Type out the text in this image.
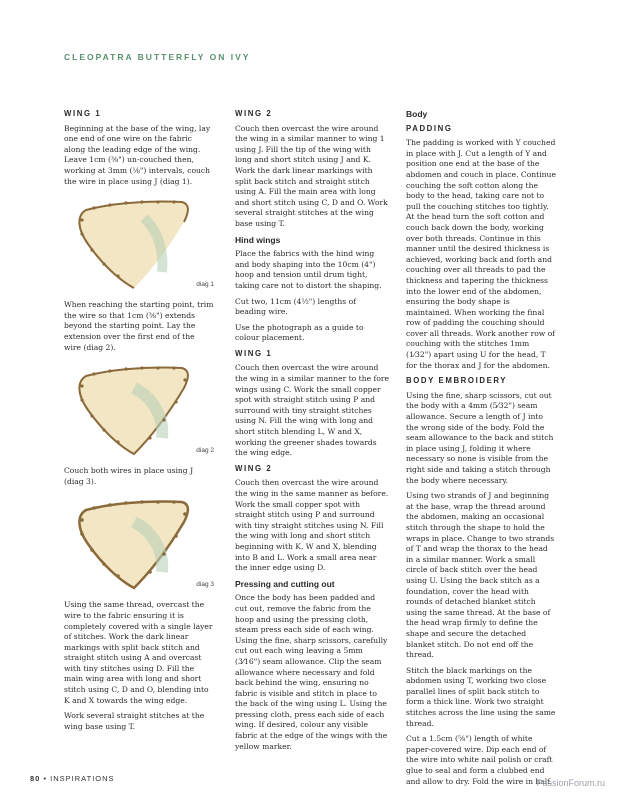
CLEOPATRA BUTTERFLY ON IVY
WING 1

Beginning at the base of the wing, lay one end of one wire on the fabric along the leading edge of the wing. Leave 1cm (⅜") un-couched then, working at 3mm (⅛") intervals, couch the wire in place using J (diag 1).

diag 1

When reaching the starting point, trim the wire so that 1cm (⅜") extends beyond the starting point. Lay the extension over the first end of the wire (diag 2).

diag 2

Couch both wires in place using J (diag 3).

diag 3

Using the same thread, overcast the wire to the fabric ensuring it is completely covered with a single layer of stitches. Work the dark linear markings with split back stitch and straight stitch using A and overcast with tiny stitches using D. Fill the main wing area with long and short stitch using C, D and O, blending into K and X towards the wing edge.

Work several straight stitches at the wing base using T.

WING 2

Couch then overcast the wire around the wing in a similar manner to wing 1 using J. Fill the tip of the wing with long and short stitch using J and K. Work the dark linear markings with split back stitch and straight stitch using A. Fill the main area with long and short stitch using C, D and O. Work several straight stitches at the wing base using T.

Hind wings

Place the fabrics with the hind wing and body shaping into the 10cm (4") hoop and tension until drum tight, taking care not to distort the shaping.

Cut two, 11cm (4½") lengths of beading wire.

Use the photograph as a guide to colour placement.

WING 1

Couch then overcast the wire around the wing in a similar manner to the fore wings using C. Work the small copper spot with straight stitch using P and surround with tiny straight stitches using N. Fill the wing with long and short stitch blending L, W and X, working the greener shades towards the wing edge.

WING 2

Couch then overcast the wire around the wing in the same manner as before. Work the small copper spot with straight stitch using P and surround with tiny straight stitches using N. Fill the wing with long and short stitch beginning with K, W and X, blending into B and L. Work a small area near the inner edge using D.

Pressing and cutting out

Once the body has been padded and cut out, remove the fabric from the hoop and using the pressing cloth, steam press each side of each wing. Using the fine, sharp scissors, carefully cut out each wing leaving a 5mm (3⁄16") seam allowance. Clip the seam allowance where necessary and fold back behind the wing, ensuring no fabric is visible and stitch in place to the back of the wing using L. Using the pressing cloth, press each side of each wing. If desired, colour any visible fabric at the edge of the wings with the yellow marker.

Body
PADDING

The padding is worked with Y couched in place with J. Cut a length of Y and position one end at the base of the abdomen and couch in place. Continue couching the soft cotton along the body to the head, taking care not to pull the couching stitches too tightly. At the head turn the soft cotton and couch back down the body, working over both threads. Continue in this manner until the desired thickness is achieved, working back and forth and couching over all threads to pad the thickness and tapering the thickness into the lower end of the abdomen, ensuring the body shape is maintained. When working the final row of padding the couching should cover all threads. Work another row of couching with the stitches 1mm (1⁄32") apart using U for the head, T for the thorax and J for the abdomen.

BODY EMBROIDERY

Using the fine, sharp scissors, cut out the body with a 4mm (5⁄32") seam allowance. Secure a length of J into the wrong side of the body. Fold the seam allowance to the back and stitch in place using J, folding it where necessary so none is visible from the right side and taking a stitch through the body where necessary.

Using two strands of J and beginning at the base, wrap the thread around the abdomen, making an occasional stitch through the shape to hold the wraps in place. Change to two strands of T and wrap the thorax to the head in a similar manner. Work a small circle of back stitch over the head using U. Using the back stitch as a foundation, cover the head with rounds of detached blanket stitch using the same thread. At the base of the head wrap firmly to define the shape and secure the detached blanket stitch. Do not end off the thread.

Stitch the black markings on the abdomen using T, working two close parallel lines of split back stitch to form a thick line. Work two straight stitches across the line using the same thread.

Cut a 1.5cm (⅝") length of white paper-covered wire. Dip each end of the wire into white nail polish or craft glue to seal and form a clubbed end and allow to dry. Fold the wire in half.

80 • INSPIRATIONS	PassionForum.ru
